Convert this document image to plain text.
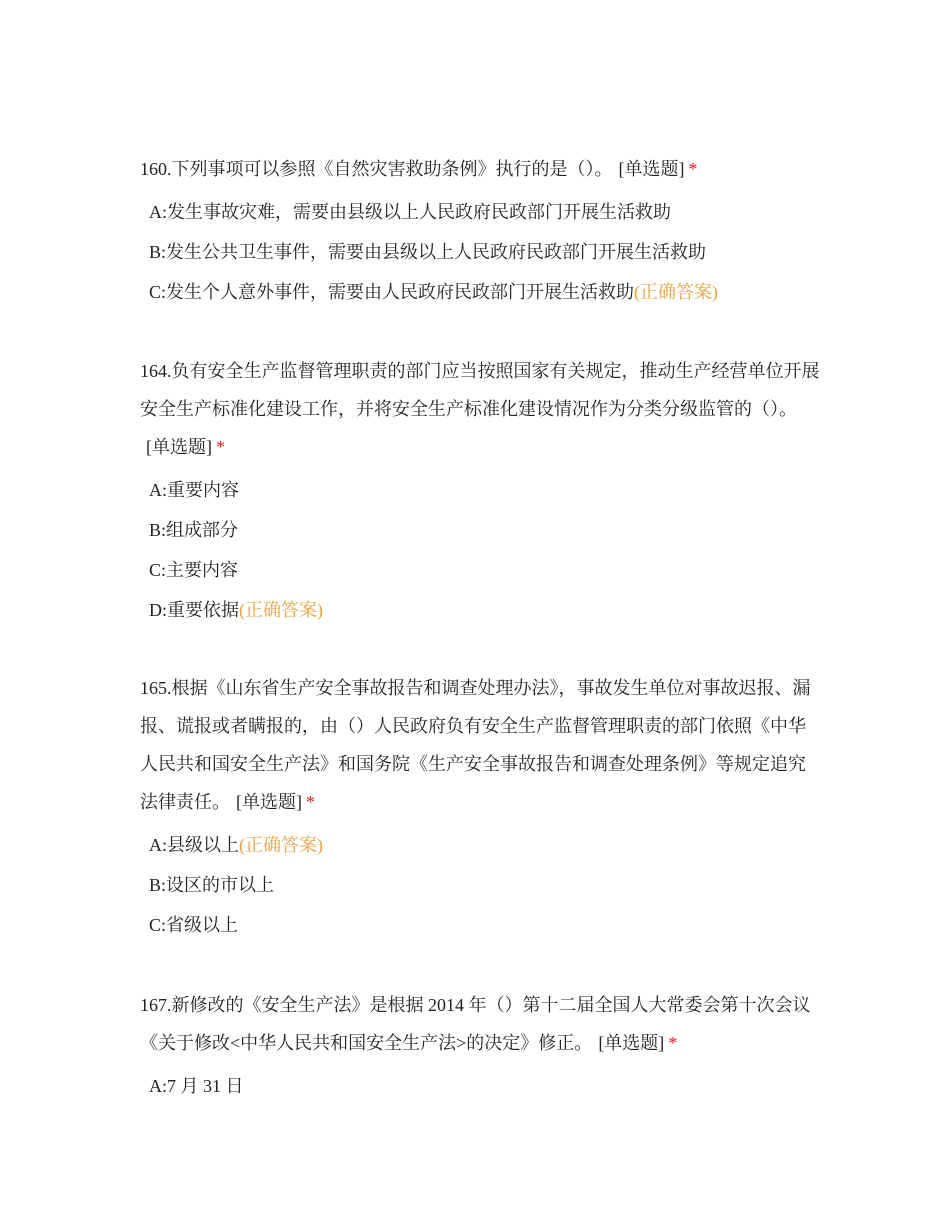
160.下列事项可以参照《自然灾害救助条例》执行的是（）。 [单选题] *

A:发生事故灾难，需要由县级以上人民政府民政部门开展生活救助
B:发生公共卫生事件，需要由县级以上人民政府民政部门开展生活救助
C:发生个人意外事件，需要由人民政府民政部门开展生活救助(正确答案)

164.负有安全生产监督管理职责的部门应当按照国家有关规定，推动生产经营单位开展安全生产标准化建设工作，并将安全生产标准化建设情况作为分类分级监管的（）。[单选题] *

A:重要内容
B:组成部分
C:主要内容
D:重要依据(正确答案)

165.根据《山东省生产安全事故报告和调查处理办法》，事故发生单位对事故迟报、漏报、谎报或者瞒报的，由（）人民政府负有安全生产监督管理职责的部门依照《中华人民共和国安全生产法》和国务院《生产安全事故报告和调查处理条例》等规定追究法律责任。 [单选题] *

A:县级以上(正确答案)
B:设区的市以上
C:省级以上

167.新修改的《安全生产法》是根据 2014 年（）第十二届全国人大常委会第十次会议《关于修改<中华人民共和国安全生产法>的决定》修正。 [单选题] *

A:7 月 31 日
